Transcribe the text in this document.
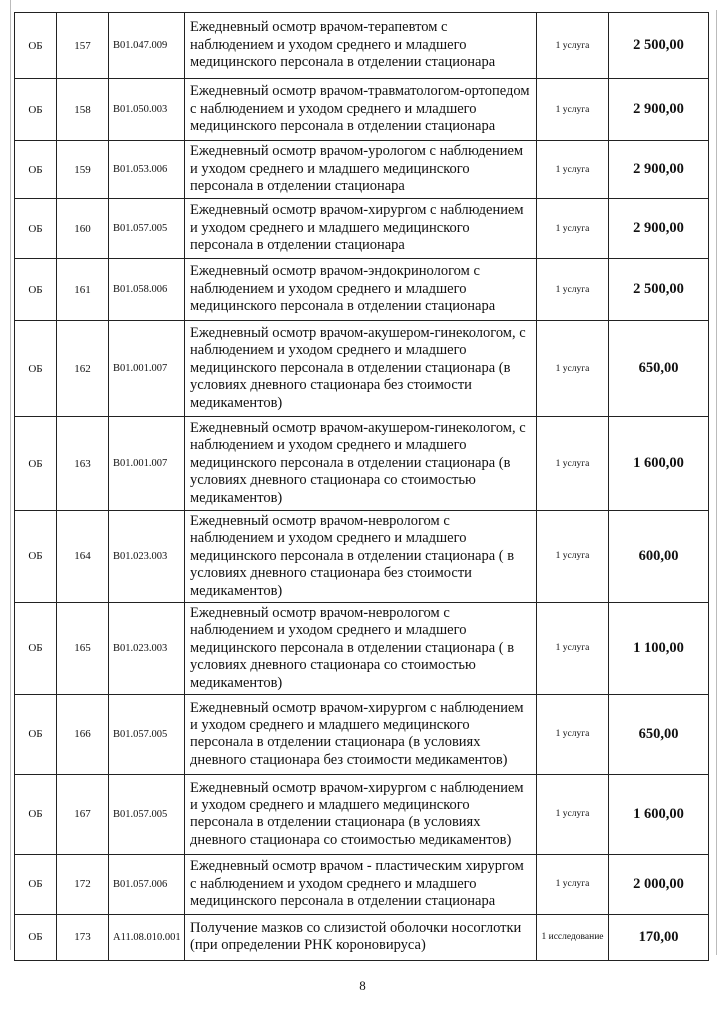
ОБ	157	B01.047.009	Ежедневный осмотр врачом-терапевтом с наблюдением и уходом среднего и младшего медицинского персонала в отделении стационара	1 услуга	2 500,00
ОБ	158	B01.050.003	Ежедневный осмотр врачом-травматологом-ортопедом с наблюдением и уходом среднего и младшего медицинского персонала в отделении стационара	1 услуга	2 900,00
ОБ	159	B01.053.006	Ежедневный осмотр врачом-урологом с наблюдением и уходом среднего и младшего медицинского персонала в отделении стационара	1 услуга	2 900,00
ОБ	160	B01.057.005	Ежедневный осмотр врачом-хирургом с наблюдением и уходом среднего и младшего медицинского персонала в отделении стационара	1 услуга	2 900,00
ОБ	161	B01.058.006	Ежедневный осмотр врачом-эндокринологом с наблюдением и уходом среднего и младшего медицинского персонала в отделении стационара	1 услуга	2 500,00
ОБ	162	B01.001.007	Ежедневный осмотр врачом-акушером-гинекологом, с наблюдением и уходом среднего и младшего медицинского персонала в отделении стационара (в условиях дневного стационара без стоимости медикаментов)	1 услуга	650,00
ОБ	163	B01.001.007	Ежедневный осмотр врачом-акушером-гинекологом, с наблюдением и уходом среднего и младшего медицинского персонала в отделении стационара (в условиях дневного стационара со стоимостью медикаментов)	1 услуга	1 600,00
ОБ	164	B01.023.003	Ежедневный осмотр врачом-неврологом с наблюдением и уходом среднего и младшего медицинского персонала в отделении стационара ( в условиях дневного стационара без стоимости медикаментов)	1 услуга	600,00
ОБ	165	B01.023.003	Ежедневный осмотр врачом-неврологом с наблюдением и уходом среднего и младшего медицинского персонала в отделении стационара ( в условиях дневного стационара со стоимостью медикаментов)	1 услуга	1 100,00
ОБ	166	B01.057.005	Ежедневный осмотр врачом-хирургом с наблюдением и уходом среднего и младшего медицинского персонала в отделении стационара (в условиях дневного стационара без стоимости медикаментов)	1 услуга	650,00
ОБ	167	B01.057.005	Ежедневный осмотр врачом-хирургом с наблюдением и уходом среднего и младшего медицинского персонала в отделении стационара (в условиях дневного стационара со стоимостью медикаментов)	1 услуга	1 600,00
ОБ	172	B01.057.006	Ежедневный осмотр врачом - пластическим хирургом с наблюдением и уходом среднего и младшего медицинского персонала в отделении стационара	1 услуга	2 000,00
ОБ	173	A11.08.010.001	Получение мазков со слизистой оболочки носоглотки (при определении РНК короновируса)	1 исследование	170,00
8
